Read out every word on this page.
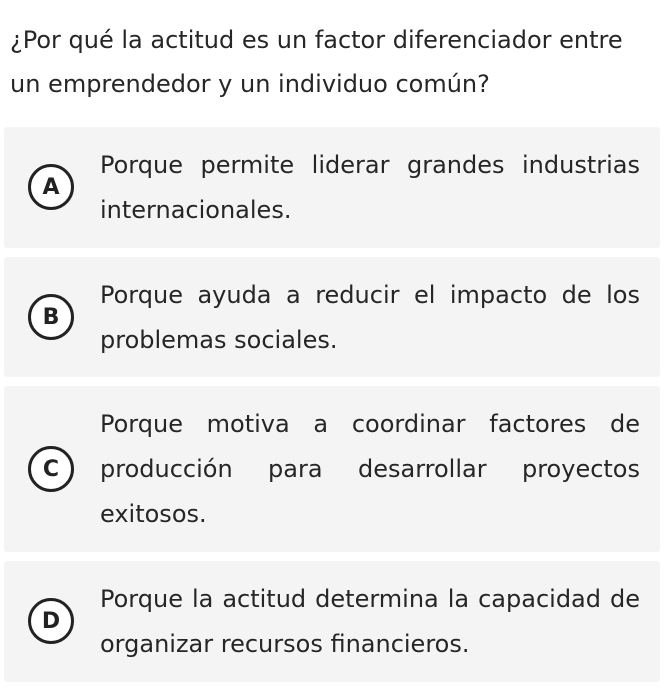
¿Por qué la actitud es un factor diferenciador entre un emprendedor y un individuo común?

A

Porque permite liderar grandes industrias internacionales.

B

Porque ayuda a reducir el impacto de los problemas sociales.

C

Porque motiva a coordinar factores de producción para desarrollar proyectos exitosos.

D

Porque la actitud determina la capacidad de organizar recursos financieros.
